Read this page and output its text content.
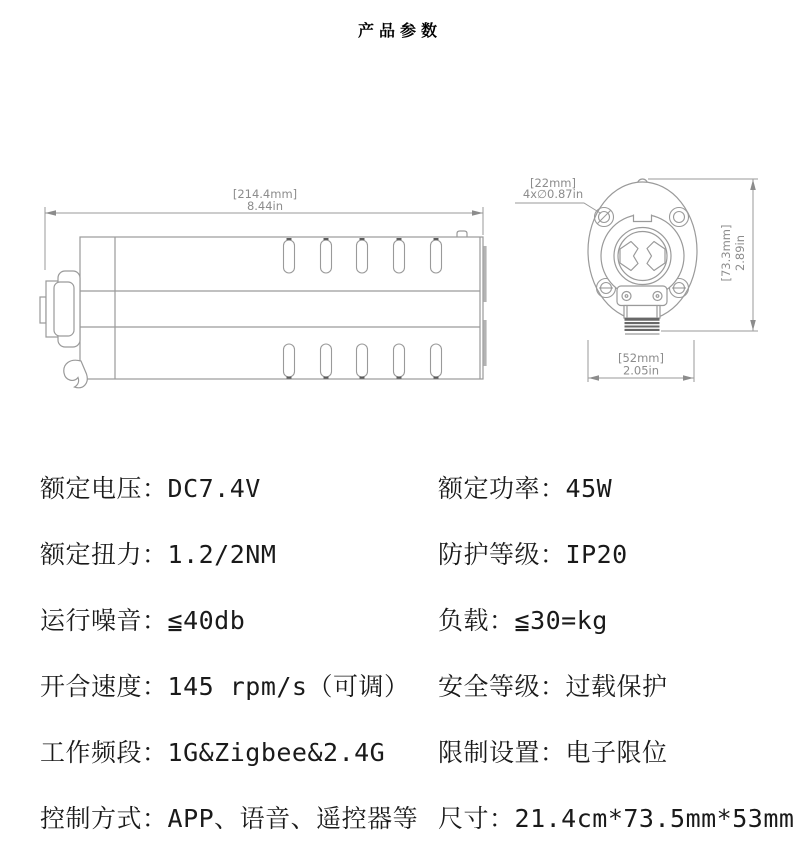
产品参数
[214.4mm]
8.44in
[73.3mm] 2.89in
[52mm]
2.05in
[22mm]
4x∅0.87in
额定电压：DC7.4V	额定功率：45W
额定扭力：1.2/2NM	防护等级：IP20
运行噪音：≦40db	负载：≦30=kg
开合速度：145 rpm/s（可调）	安全等级：过载保护
工作频段：1G&Zigbee&2.4G	限制设置：电子限位
控制方式：APP、语音、遥控器等 尺寸：21.4cm*73.5mm*53mm
